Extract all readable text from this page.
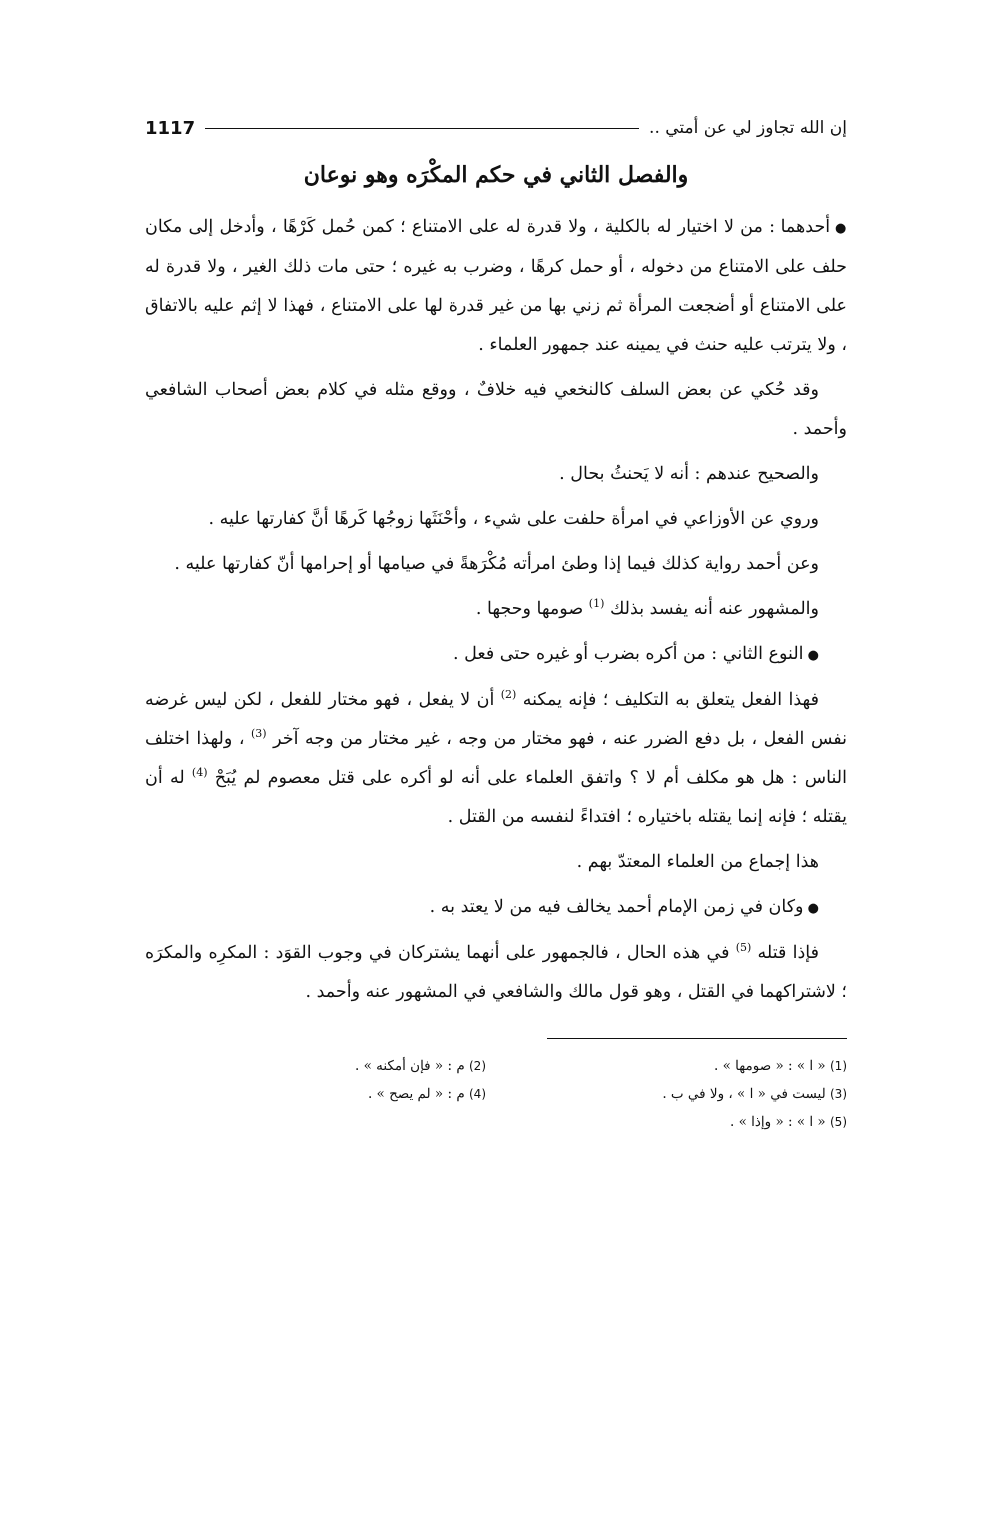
إن الله تجاوز لي عن أمتي ..
1117
والفصل الثاني في حكم المكْرَه وهو نوعان

● أحدهما : من لا اختيار له بالكلية ، ولا قدرة له على الامتناع ؛ كمن حُمل كَرْهًا ، وأدخل إلى مكان حلف على الامتناع من دخوله ، أو حمل كرهًا ، وضرب به غيره ؛ حتى مات ذلك الغير ، ولا قدرة له على الامتناع أو أضجعت المرأة ثم زني بها من غير قدرة لها على الامتناع ، فهذا لا إثم عليه بالاتفاق ، ولا يترتب عليه حنث في يمينه عند جمهور العلماء .

وقد حُكي عن بعض السلف كالنخعي فيه خلافٌ ، ووقع مثله في كلام بعض أصحاب الشافعي وأحمد .

والصحيح عندهم : أنه لا يَحنثُ بحال .

وروي عن الأوزاعي في امرأة حلفت على شيء ، وأحْنَثَها زوجُها كَرهًا أنَّ كفارتها عليه .

وعن أحمد رواية كذلك فيما إذا وطئ امرأته مُكْرَهةً في صيامها أو إحرامها أنّ كفارتها عليه .

والمشهور عنه أنه يفسد بذلك $^{(1)}$ صومها وحجها .

● النوع الثاني : من أكره بضرب أو غيره حتى فعل .

فهذا الفعل يتعلق به التكليف ؛ فإنه يمكنه $^{(2)}$ أن لا يفعل ، فهو مختار للفعل ، لكن ليس غرضه نفس الفعل ، بل دفع الضرر عنه ، فهو مختار من وجه ، غير مختار من وجه آخر $^{(3)}$ ، ولهذا اختلف الناس : هل هو مكلف أم لا ؟ واتفق العلماء على أنه لو أكره على قتل معصوم لم يُبَحْ $^{(4)}$ له أن يقتله ؛ فإنه إنما يقتله باختياره ؛ افتداءً لنفسه من القتل .

هذا إجماع من العلماء المعتدّ بهم .

● وكان في زمن الإمام أحمد يخالف فيه من لا يعتد به .

فإذا قتله $^{(5)}$ في هذه الحال ، فالجمهور على أنهما يشتركان في وجوب القوَد : المكرِه والمكرَه ؛ لاشتراكهما في القتل ، وهو قول مالك والشافعي في المشهور عنه وأحمد .

(1) « ا » : « صومها » .
(2) م : « فإن أمكنه » .
(3) ليست في « ا » ، ولا في ب .
(4) م : « لم يصح » .
(5) « ا » : « وإذا » .
